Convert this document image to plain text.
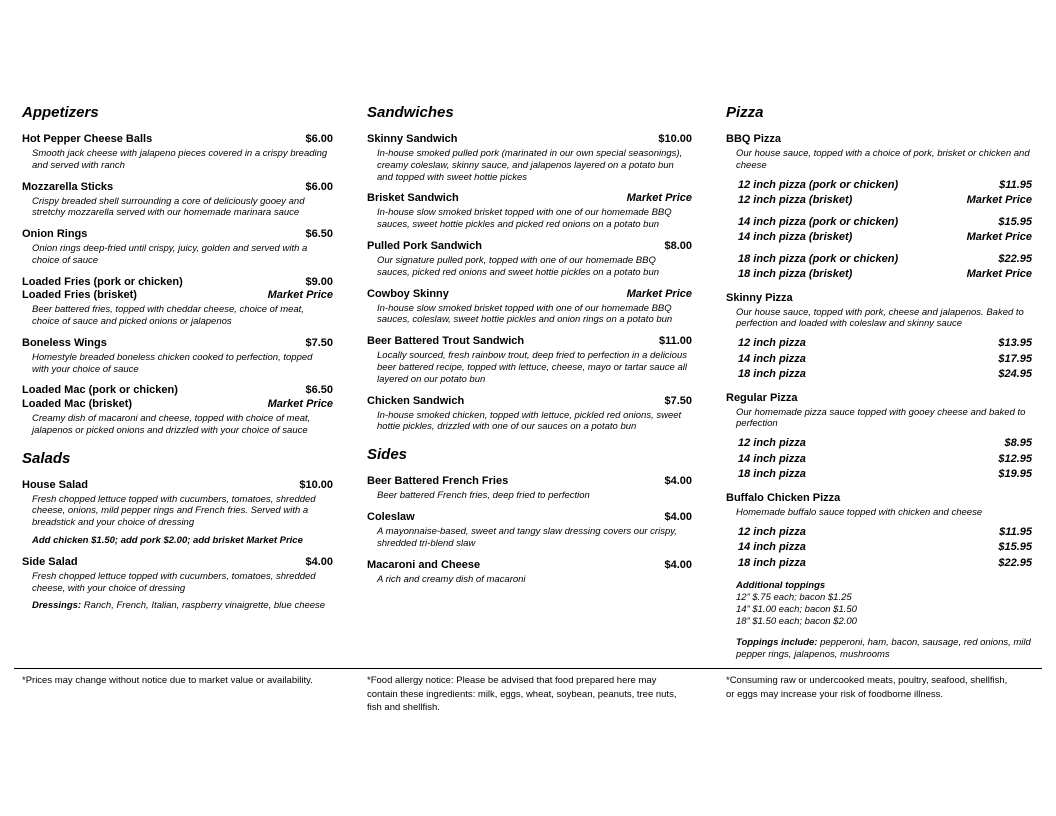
Appetizers
Hot Pepper Cheese Balls	$6.00
Smooth jack cheese with jalapeno pieces covered in a crispy breading and served with ranch
Mozzarella Sticks	$6.00
Crispy breaded shell surrounding a core of deliciously gooey and stretchy mozzarella served with our homemade marinara sauce
Onion Rings	$6.50
Onion rings deep-fried until crispy, juicy, golden and served with a choice of sauce
Loaded Fries (pork or chicken)	$9.00
Loaded Fries (brisket)	Market Price
Beer battered fries, topped with cheddar cheese, choice of meat, choice of sauce and picked onions or jalapenos
Boneless Wings	$7.50
Homestyle breaded boneless chicken cooked to perfection, topped with your choice of sauce
Loaded Mac (pork or chicken)	$6.50
Loaded Mac (brisket)	Market Price
Creamy dish of macaroni and cheese, topped with choice of meat, jalapenos or picked onions and drizzled with your choice of sauce
Salads
House Salad	$10.00
Fresh chopped lettuce topped with cucumbers, tomatoes, shredded cheese, onions, mild pepper rings and French fries. Served with a breadstick and your choice of dressing
Add chicken $1.50; add pork $2.00; add brisket Market Price
Side Salad	$4.00
Fresh chopped lettuce topped with cucumbers, tomatoes, shredded cheese, with your choice of dressing
Dressings: Ranch, French, Italian, raspberry vinaigrette, blue cheese
Sandwiches
Skinny Sandwich	$10.00
In-house smoked pulled pork (marinated in our own special seasonings), creamy coleslaw, skinny sauce, and jalapenos layered on a potato bun and topped with sweet hottie pickes
Brisket Sandwich	Market Price
In-house slow smoked brisket topped with one of our homemade BBQ sauces, sweet hottie pickles and picked red onions on a potato bun
Pulled Pork Sandwich	$8.00
Our signature pulled pork, topped with one of our homemade BBQ sauces, picked red onions and sweet hottie pickles on a potato bun
Cowboy Skinny	Market Price
In-house slow smoked brisket topped with one of our homemade BBQ sauces, coleslaw, sweet hottie pickles and onion rings on a potato bun
Beer Battered Trout Sandwich	$11.00
Locally sourced, fresh rainbow trout, deep fried to perfection in a delicious beer battered recipe, topped with lettuce, cheese, mayo or tartar sauce all layered on our potato bun
Chicken Sandwich	$7.50
In-house smoked chicken, topped with lettuce, pickled red onions, sweet hottie pickles, drizzled with one of our sauces on a potato bun
Sides
Beer Battered French Fries	$4.00
Beer battered French fries, deep fried to perfection
Coleslaw	$4.00
A mayonnaise-based, sweet and tangy slaw dressing covers our crispy, shredded tri-blend slaw
Macaroni and Cheese	$4.00
A rich and creamy dish of macaroni
Pizza
BBQ Pizza
Our house sauce, topped with a choice of pork, brisket or chicken and cheese
12 inch pizza (pork or chicken)	$11.95
12 inch pizza (brisket)	Market Price
14 inch pizza (pork or chicken)	$15.95
14 inch pizza (brisket)	Market Price
18 inch pizza (pork or chicken)	$22.95
18 inch pizza (brisket)	Market Price
Skinny Pizza
Our house sauce, topped with pork, cheese and jalapenos. Baked to perfection and loaded with coleslaw and skinny sauce
12 inch pizza	$13.95
14 inch pizza	$17.95
18 inch pizza	$24.95
Regular Pizza
Our homemade pizza sauce topped with gooey cheese and baked to perfection
12 inch pizza	$8.95
14 inch pizza	$12.95
18 inch pizza	$19.95
Buffalo Chicken Pizza
Homemade buffalo sauce topped with chicken and cheese
12 inch pizza	$11.95
14 inch pizza	$15.95
18 inch pizza	$22.95
Additional toppings
12” $.75 each; bacon $1.25
14” $1.00 each; bacon $1.50
18” $1.50 each; bacon $2.00
Toppings include: pepperoni, ham, bacon, sausage, red onions, mild pepper rings, jalapenos, mushrooms
*Prices may change without notice due to market value or availability.	*Food allergy notice: Please be advised that food prepared here may contain these ingredients: milk, eggs, wheat, soybean, peanuts, tree nuts, fish and shellfish.
*Consuming raw or undercooked meats, poultry, seafood, shellfish, or eggs may increase your risk of foodborne illness.
